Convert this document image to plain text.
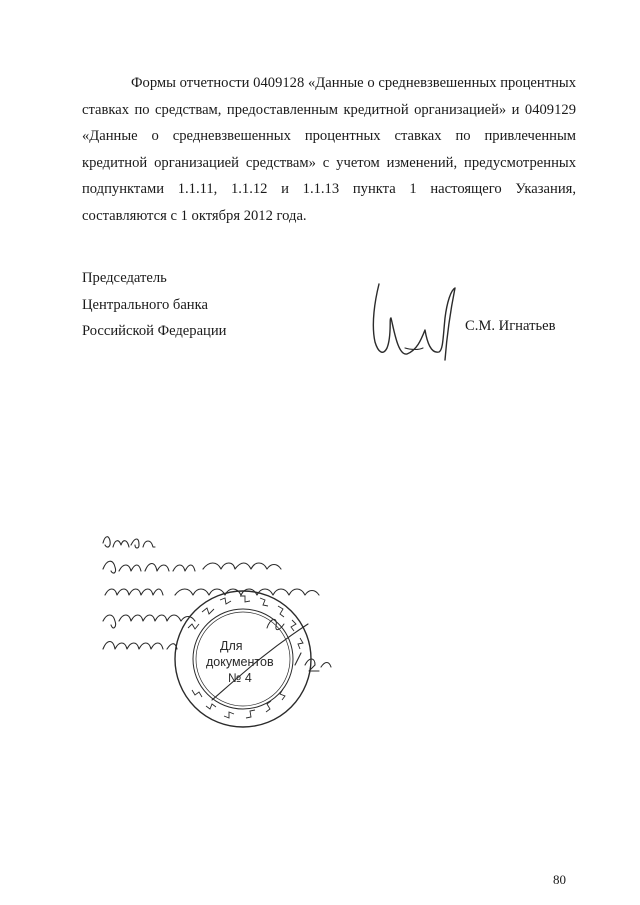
Формы отчетности 0409128 «Данные о средневзвешенных процентных ставках по средствам, предоставленным кредитной организацией» и 0409129 «Данные о средневзвешенных процентных ставках по привлеченным кредитной организацией средствам» с учетом изменений, предусмотренных подпунктами 1.1.11, 1.1.12 и 1.1.13 пункта 1 настоящего Указания, составляются с 1 октября 2012 года.

Председатель
Центрального банка
Российской Федерации	С.М. Игнатьев
Для
документов
№ 4
80
